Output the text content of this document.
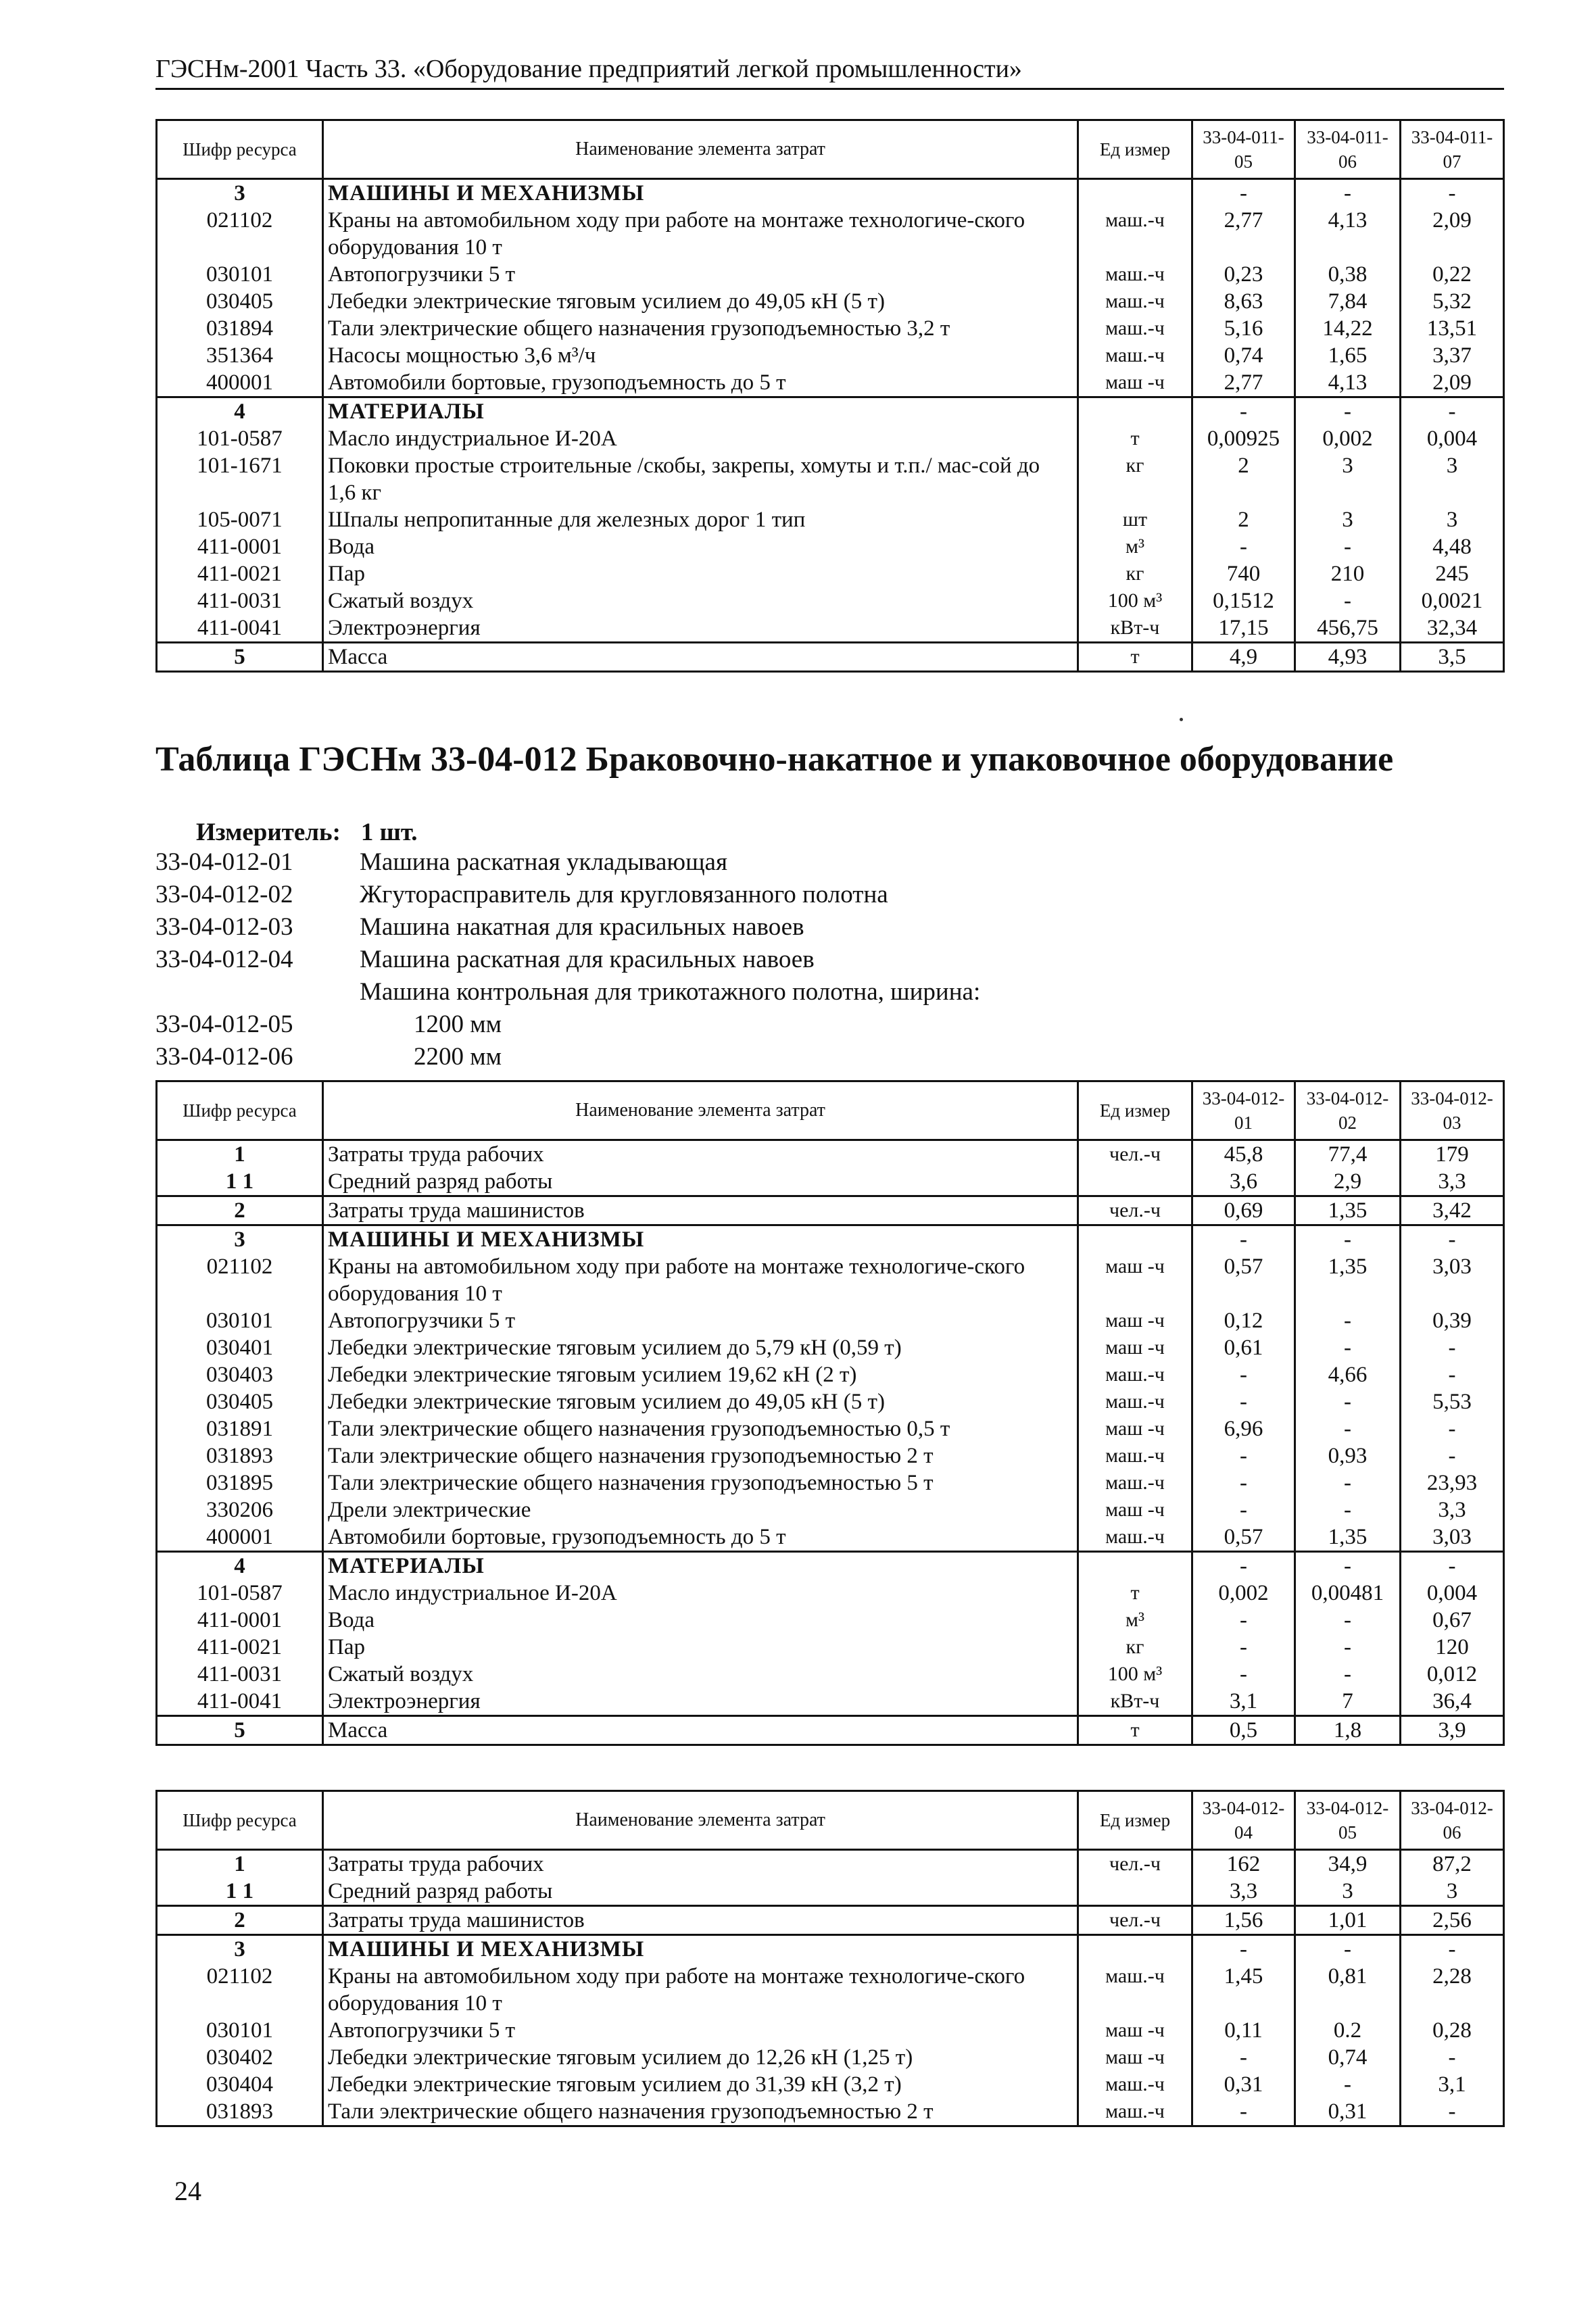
ГЭСНм-2001 Часть 33. «Оборудование предприятий легкой промышленности»
Шифр ресурса	Наименование элемента затрат	Ед измер	33-04-011-05	33-04-011-06	33-04-011-07
3	МАШИНЫ И МЕХАНИЗМЫ		-	-	-
021102	Краны на автомобильном ходу при работе на монтаже технологиче-ского оборудования 10 т	маш.-ч	2,77	4,13	2,09
030101	Автопогрузчики 5 т	маш.-ч	0,23	0,38	0,22
030405	Лебедки электрические тяговым усилием до 49,05 кН (5 т)	маш.-ч	8,63	7,84	5,32
031894	Тали электрические общего назначения грузоподъемностью 3,2 т	маш.-ч	5,16	14,22	13,51
351364	Насосы мощностью 3,6 м³/ч	маш.-ч	0,74	1,65	3,37
400001	Автомобили бортовые, грузоподъемность до 5 т	маш -ч	2,77	4,13	2,09
4	МАТЕРИАЛЫ		-	-	-
101-0587	Масло индустриальное И-20А	т	0,00925	0,002	0,004
101-1671	Поковки простые строительные /скобы, закрепы, хомуты и т.п./ мас-сой до 1,6 кг	кг	2	3	3
105-0071	Шпалы непропитанные для железных дорог 1 тип	шт	2	3	3
411-0001	Вода	м³	-	-	4,48
411-0021	Пар	кг	740	210	245
411-0031	Сжатый воздух	100 м³	0,1512	-	0,0021
411-0041	Электроэнергия	кВт-ч	17,15	456,75	32,34
5	Масса	т	4,9	4,93	3,5
Таблица ГЭСНм 33-04-012 Браковочно-накатное и упаковочное оборудование
Измеритель: 1 шт.
33-04-012-01	Машина раскатная укладывающая
33-04-012-02	Жгутораспрaвитель для кругловязанного полотна
33-04-012-03	Машина накатная для красильных навоев
33-04-012-04	Машина раскатная для красильных навоев
Машина контрольная для трикотажного полотна, ширина:
33-04-012-05	1200 мм
33-04-012-06	2200 мм
Шифр ресурса	Наименование элемента затрат	Ед измер	33-04-012-01	33-04-012-02	33-04-012-03
1	Затраты труда рабочих	чел.-ч	45,8	77,4	179
1 1	Средний разряд работы		3,6	2,9	3,3
2	Затраты труда машинистов	чел.-ч	0,69	1,35	3,42
3	МАШИНЫ И МЕХАНИЗМЫ		-	-	-
021102	Краны на автомобильном ходу при работе на монтаже технологиче-ского оборудования 10 т	маш -ч	0,57	1,35	3,03
030101	Автопогрузчики 5 т	маш -ч	0,12	-	0,39
030401	Лебедки электрические тяговым усилием до 5,79 кН (0,59 т)	маш -ч	0,61	-	-
030403	Лебедки электрические тяговым усилием 19,62 кН (2 т)	маш.-ч	-	4,66	-
030405	Лебедки электрические тяговым усилием до 49,05 кН (5 т)	маш.-ч	-	-	5,53
031891	Тали электрические общего назначения грузоподъемностью 0,5 т	маш -ч	6,96	-	-
031893	Тали электрические общего назначения грузоподъемностью 2 т	маш.-ч	-	0,93	-
031895	Тали электрические общего назначения грузоподъемностью 5 т	маш.-ч	-	-	23,93
330206	Дрели электрические	маш -ч	-	-	3,3
400001	Автомобили бортовые, грузоподъемность до 5 т	маш.-ч	0,57	1,35	3,03
4	МАТЕРИАЛЫ		-	-	-
101-0587	Масло индустриальное И-20А	т	0,002	0,00481	0,004
411-0001	Вода	м³	-	-	0,67
411-0021	Пар	кг	-	-	120
411-0031	Сжатый воздух	100 м³	-	-	0,012
411-0041	Электроэнергия	кВт-ч	3,1	7	36,4
5	Масса	т	0,5	1,8	3,9
Шифр ресурса	Наименование элемента затрат	Ед измер	33-04-012-04	33-04-012-05	33-04-012-06
1	Затраты труда рабочих	чел.-ч	162	34,9	87,2
1 1	Средний разряд работы		3,3	3	3
2	Затраты труда машинистов	чел.-ч	1,56	1,01	2,56
3	МАШИНЫ И МЕХАНИЗМЫ		-	-	-
021102	Краны на автомобильном ходу при работе на монтаже технологиче-ского оборудования 10 т	маш.-ч	1,45	0,81	2,28
030101	Автопогрузчики 5 т	маш -ч	0,11	0.2	0,28
030402	Лебедки электрические тяговым усилием до 12,26 кН (1,25 т)	маш -ч	-	0,74	-
030404	Лебедки электрические тяговым усилием до 31,39 кН (3,2 т)	маш.-ч	0,31	-	3,1
031893	Тали электрические общего назначения грузоподъемностью 2 т	маш.-ч	-	0,31	-
24
